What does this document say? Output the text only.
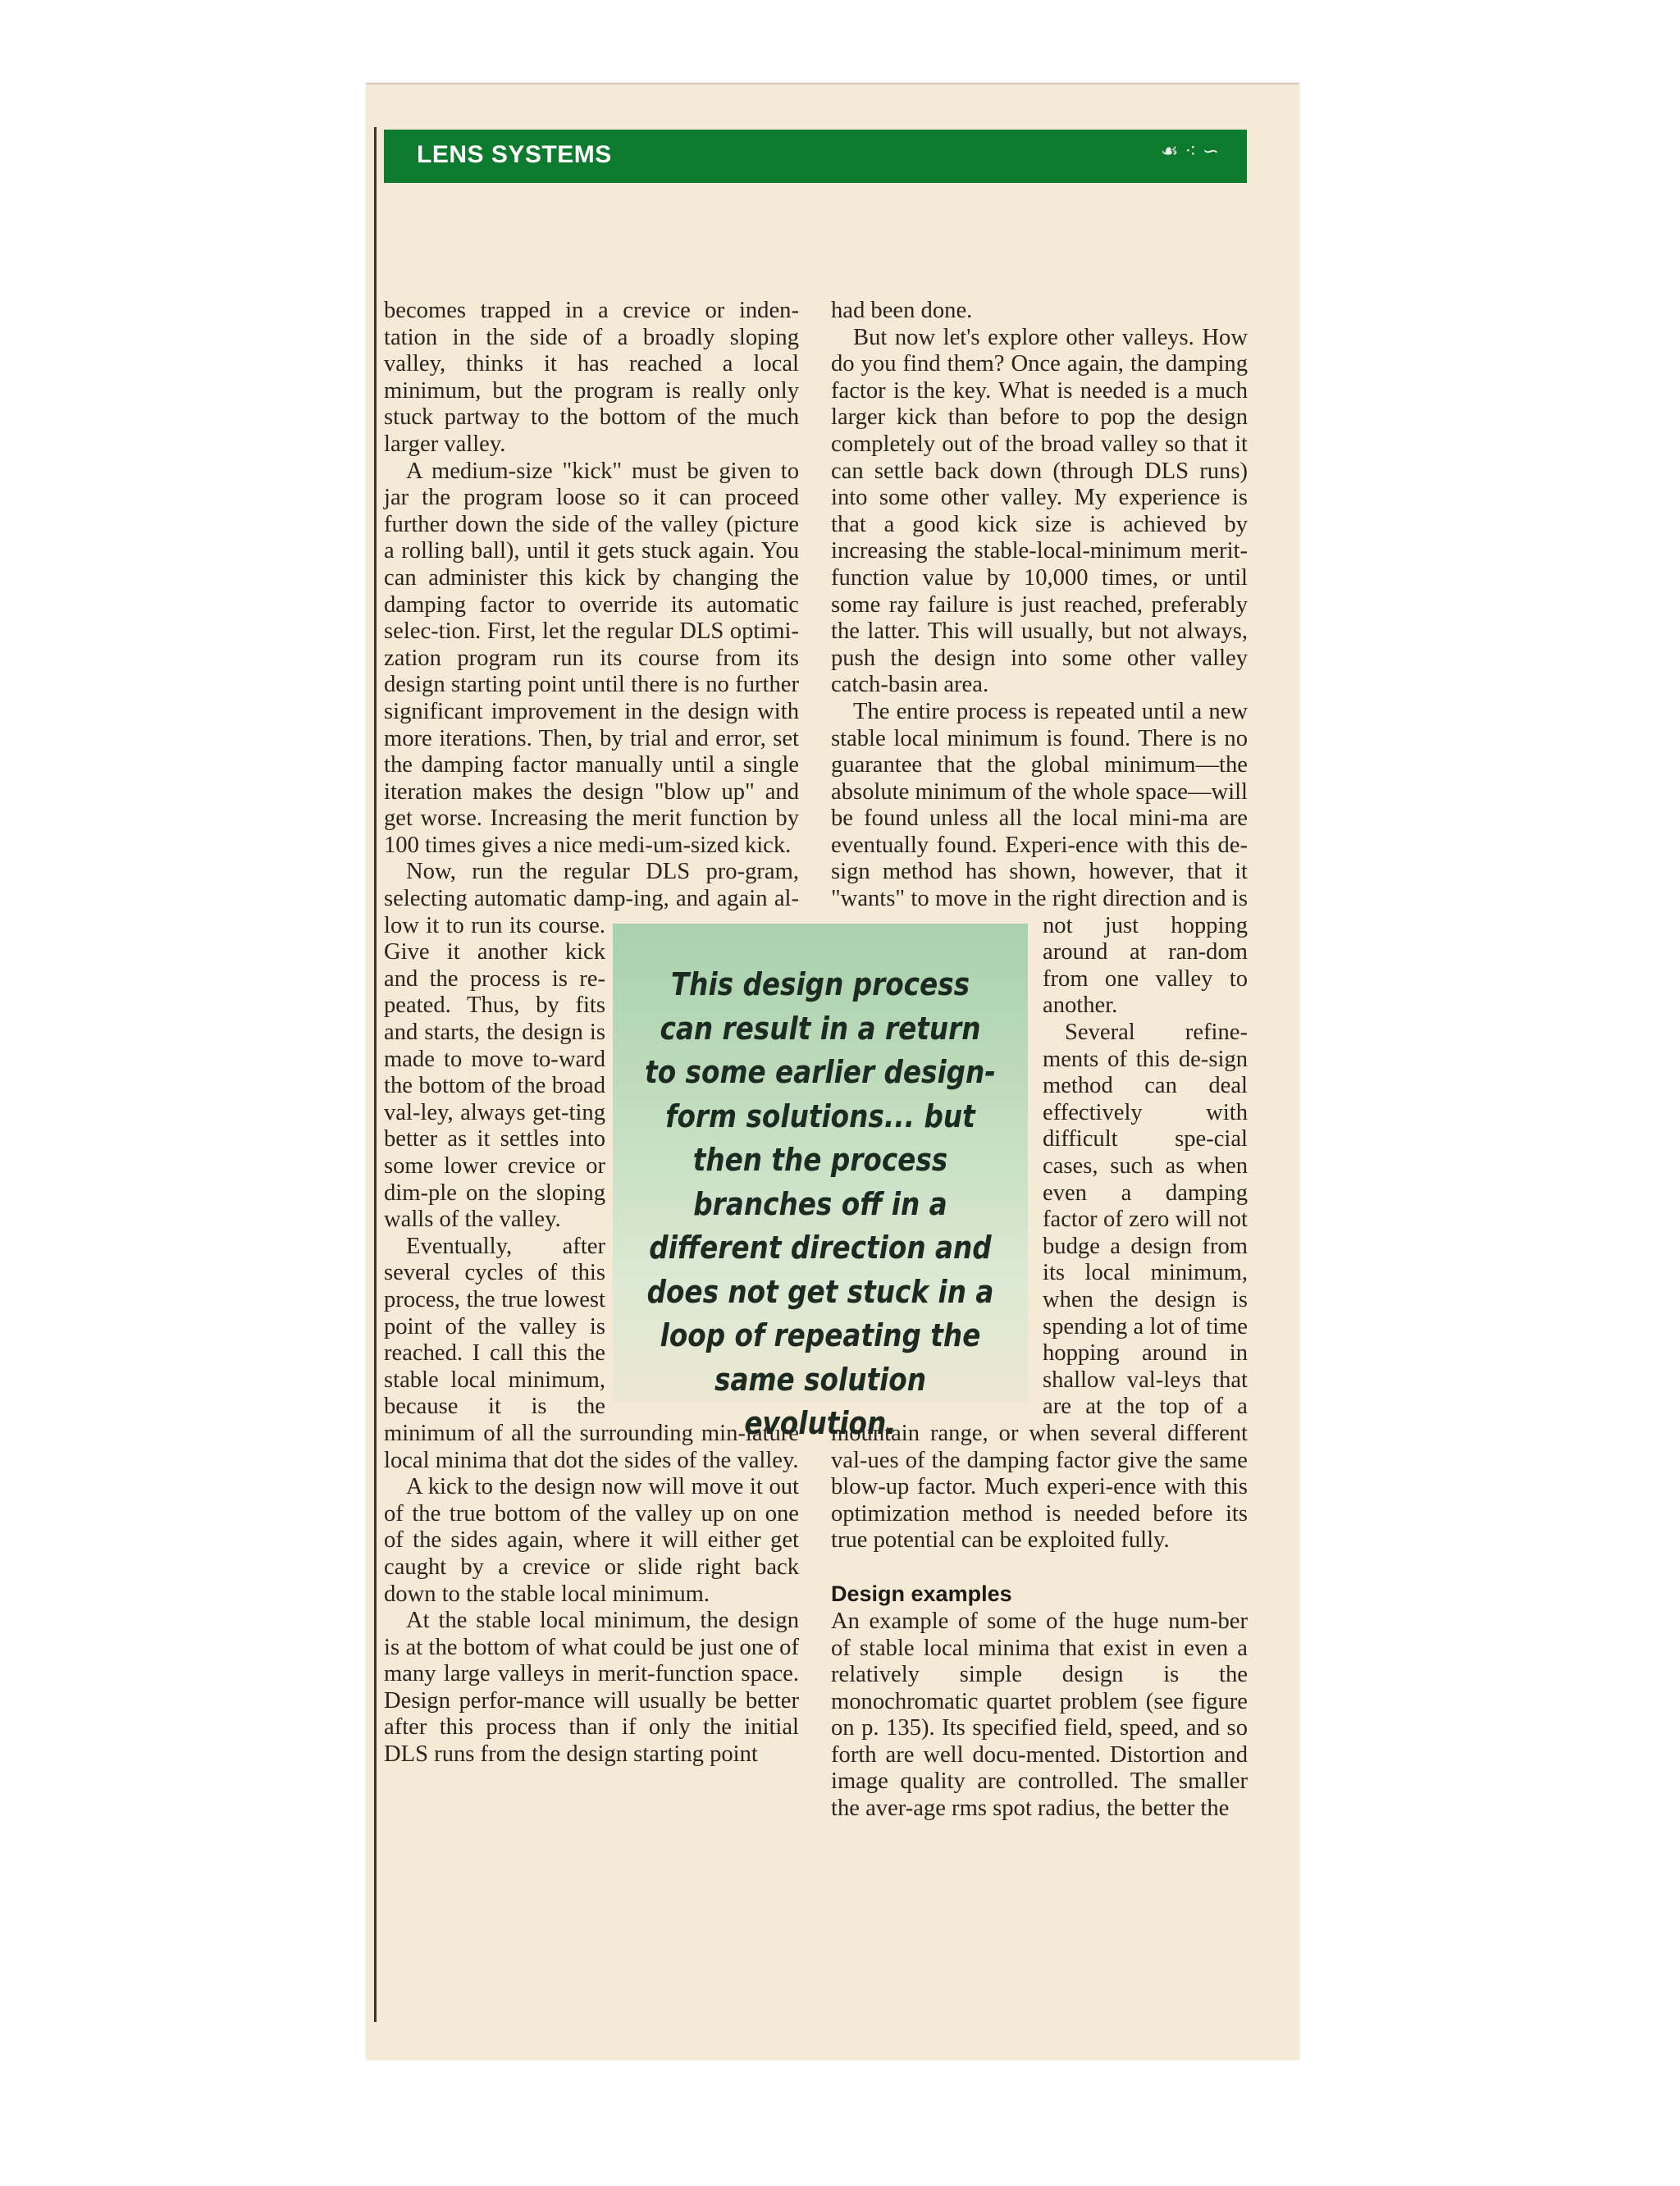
LENS SYSTEMS	☙ ⁖ ∽

becomes trapped in a crevice or inden-tation in the side of a broadly sloping valley, thinks it has reached a local minimum, but the program is really only stuck partway to the bottom of the much larger valley.

A medium-size "kick" must be given to jar the program loose so it can proceed further down the side of the valley (picture a rolling ball), until it gets stuck again. You can administer this kick by changing the damping factor to override its automatic selec-tion. First, let the regular DLS optimi-zation program run its course from its design starting point until there is no further significant improvement in the design with more iterations. Then, by trial and error, set the damping factor manually until a single iteration makes the design "blow up" and get worse. Increasing the merit function by 100 times gives a nice medi-um-sized kick.

Now, run the regular DLS pro-gram, selecting automatic damp-ing, and again al-low it to run its course. Give it another kick and the process is re-peated. Thus, by fits and starts, the design is made to move to-ward the bottom of the broad val-ley, always get-ting better as it settles into some lower crevice or dim-ple on the sloping walls of the valley.

Eventually, after several cycles of this process, the true lowest point of the valley is reached. I call this the stable local minimum, because it is the minimum of all the surrounding min-iature local minima that dot the sides of the valley.

A kick to the design now will move it out of the true bottom of the valley up on one of the sides again, where it will either get caught by a crevice or slide right back down to the stable local minimum.

At the stable local minimum, the design is at the bottom of what could be just one of many large valleys in merit-function space. Design perfor-mance will usually be better after this process than if only the initial DLS runs from the design starting point

had been done.

But now let's explore other valleys. How do you find them? Once again, the damping factor is the key. What is needed is a much larger kick than before to pop the design completely out of the broad valley so that it can settle back down (through DLS runs) into some other valley. My experience is that a good kick size is achieved by increasing the stable-local-minimum merit-function value by 10,000 times, or until some ray failure is just reached, preferably the latter. This will usually, but not always, push the design into some other valley catch-basin area.

The entire process is repeated until a new stable local minimum is found. There is no guarantee that the global minimum—the absolute minimum of the whole space—will be found unless all the local mini-ma are eventually found. Experi-ence with this de-sign method has shown, however, that it "wants" to move in the right direction and is not just hopping around at ran-dom from one valley to another.

Several refine-ments of this de-sign method can deal effectively with difficult spe-cial cases, such as when even a damping factor of zero will not budge a design from its local minimum, when the design is spending a lot of time hopping around in shallow val-leys that are at the top of a mountain range, or when several different val-ues of the damping factor give the same blow-up factor. Much experi-ence with this optimization method is needed before its true potential can be exploited fully.

Design examples

An example of some of the huge num-ber of stable local minima that exist in even a relatively simple design is the monochromatic quartet problem (see figure on p. 135). Its specified field, speed, and so forth are well docu-mented. Distortion and image quality are controlled. The smaller the aver-age rms spot radius, the better the

This design process can result in a return to some earlier design-form solutions... but then the process branches off in a different direction and does not get stuck in a loop of repeating the same solution evolution.
